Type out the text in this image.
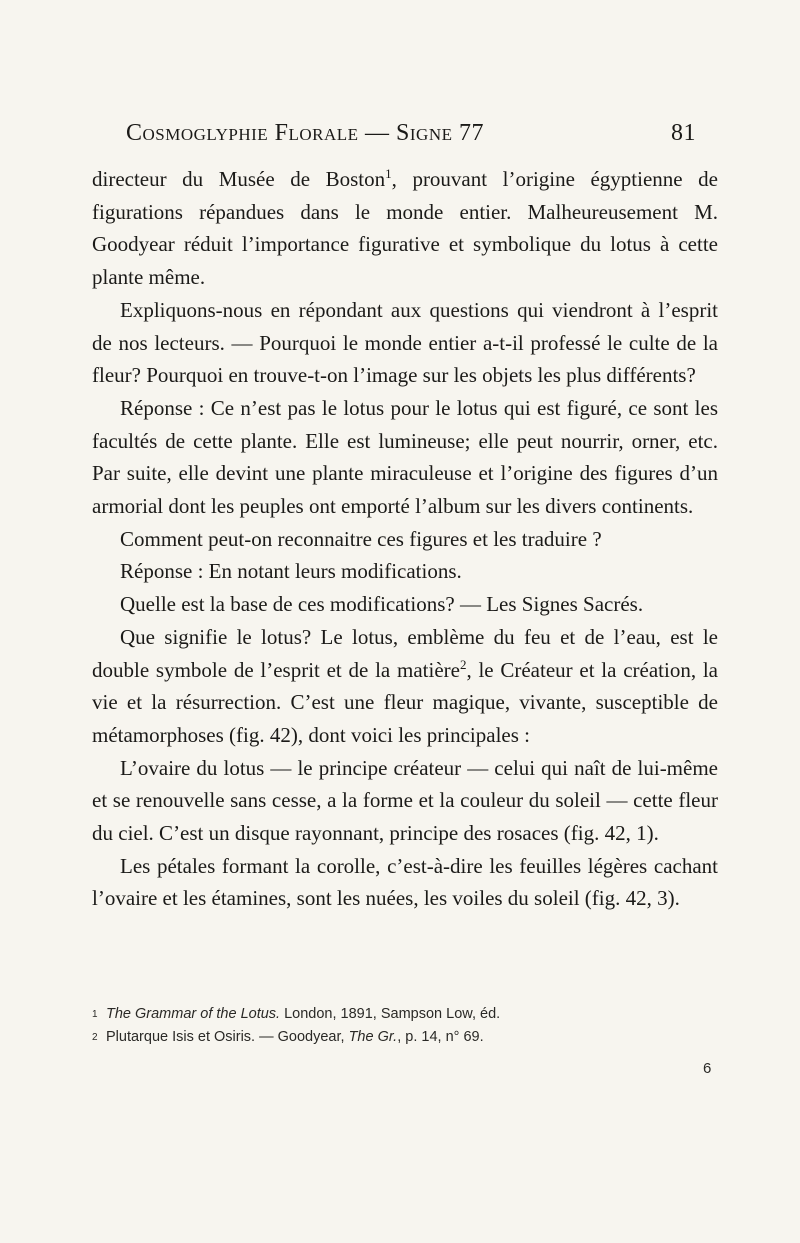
Cosmoglyphie Florale — Signe 77	81

directeur du Musée de Boston$^1$, prouvant l’origine égyptienne de figurations répandues dans le monde entier. Malheureusement M. Goodyear réduit l’importance figurative et symbolique du lotus à cette plante même.

Expliquons-nous en répondant aux questions qui viendront à l’esprit de nos lecteurs. — Pourquoi le monde entier a-t-il professé le culte de la fleur? Pourquoi en trouve-t-on l’image sur les objets les plus différents?

Réponse : Ce n’est pas le lotus pour le lotus qui est figuré, ce sont les facultés de cette plante. Elle est lumineuse; elle peut nourrir, orner, etc. Par suite, elle devint une plante miraculeuse et l’origine des figures d’un armorial dont les peuples ont emporté l’album sur les divers continents.

Comment peut-on reconnaitre ces figures et les traduire ?

Réponse : En notant leurs modifications.

Quelle est la base de ces modifications? — Les Signes Sacrés.

Que signifie le lotus? Le lotus, emblème du feu et de l’eau, est le double symbole de l’esprit et de la matière$^2$, le Créateur et la création, la vie et la résurrection. C’est une fleur magique, vivante, susceptible de métamorphoses (fig. 42), dont voici les principales :

L’ovaire du lotus — le principe créateur — celui qui naît de lui-même et se renouvelle sans cesse, a la forme et la couleur du soleil — cette fleur du ciel. C’est un disque rayonnant, principe des rosaces (fig. 42, 1).

Les pétales formant la corolle, c’est-à-dire les feuilles légères cachant l’ovaire et les étamines, sont les nuées, les voiles du soleil (fig. 42, 3).

1 The Grammar of the Lotus. London, 1891, Sampson Low, éd.
2 Plutarque Isis et Osiris. — Goodyear, The Gr., p. 14, n° 69.
6
